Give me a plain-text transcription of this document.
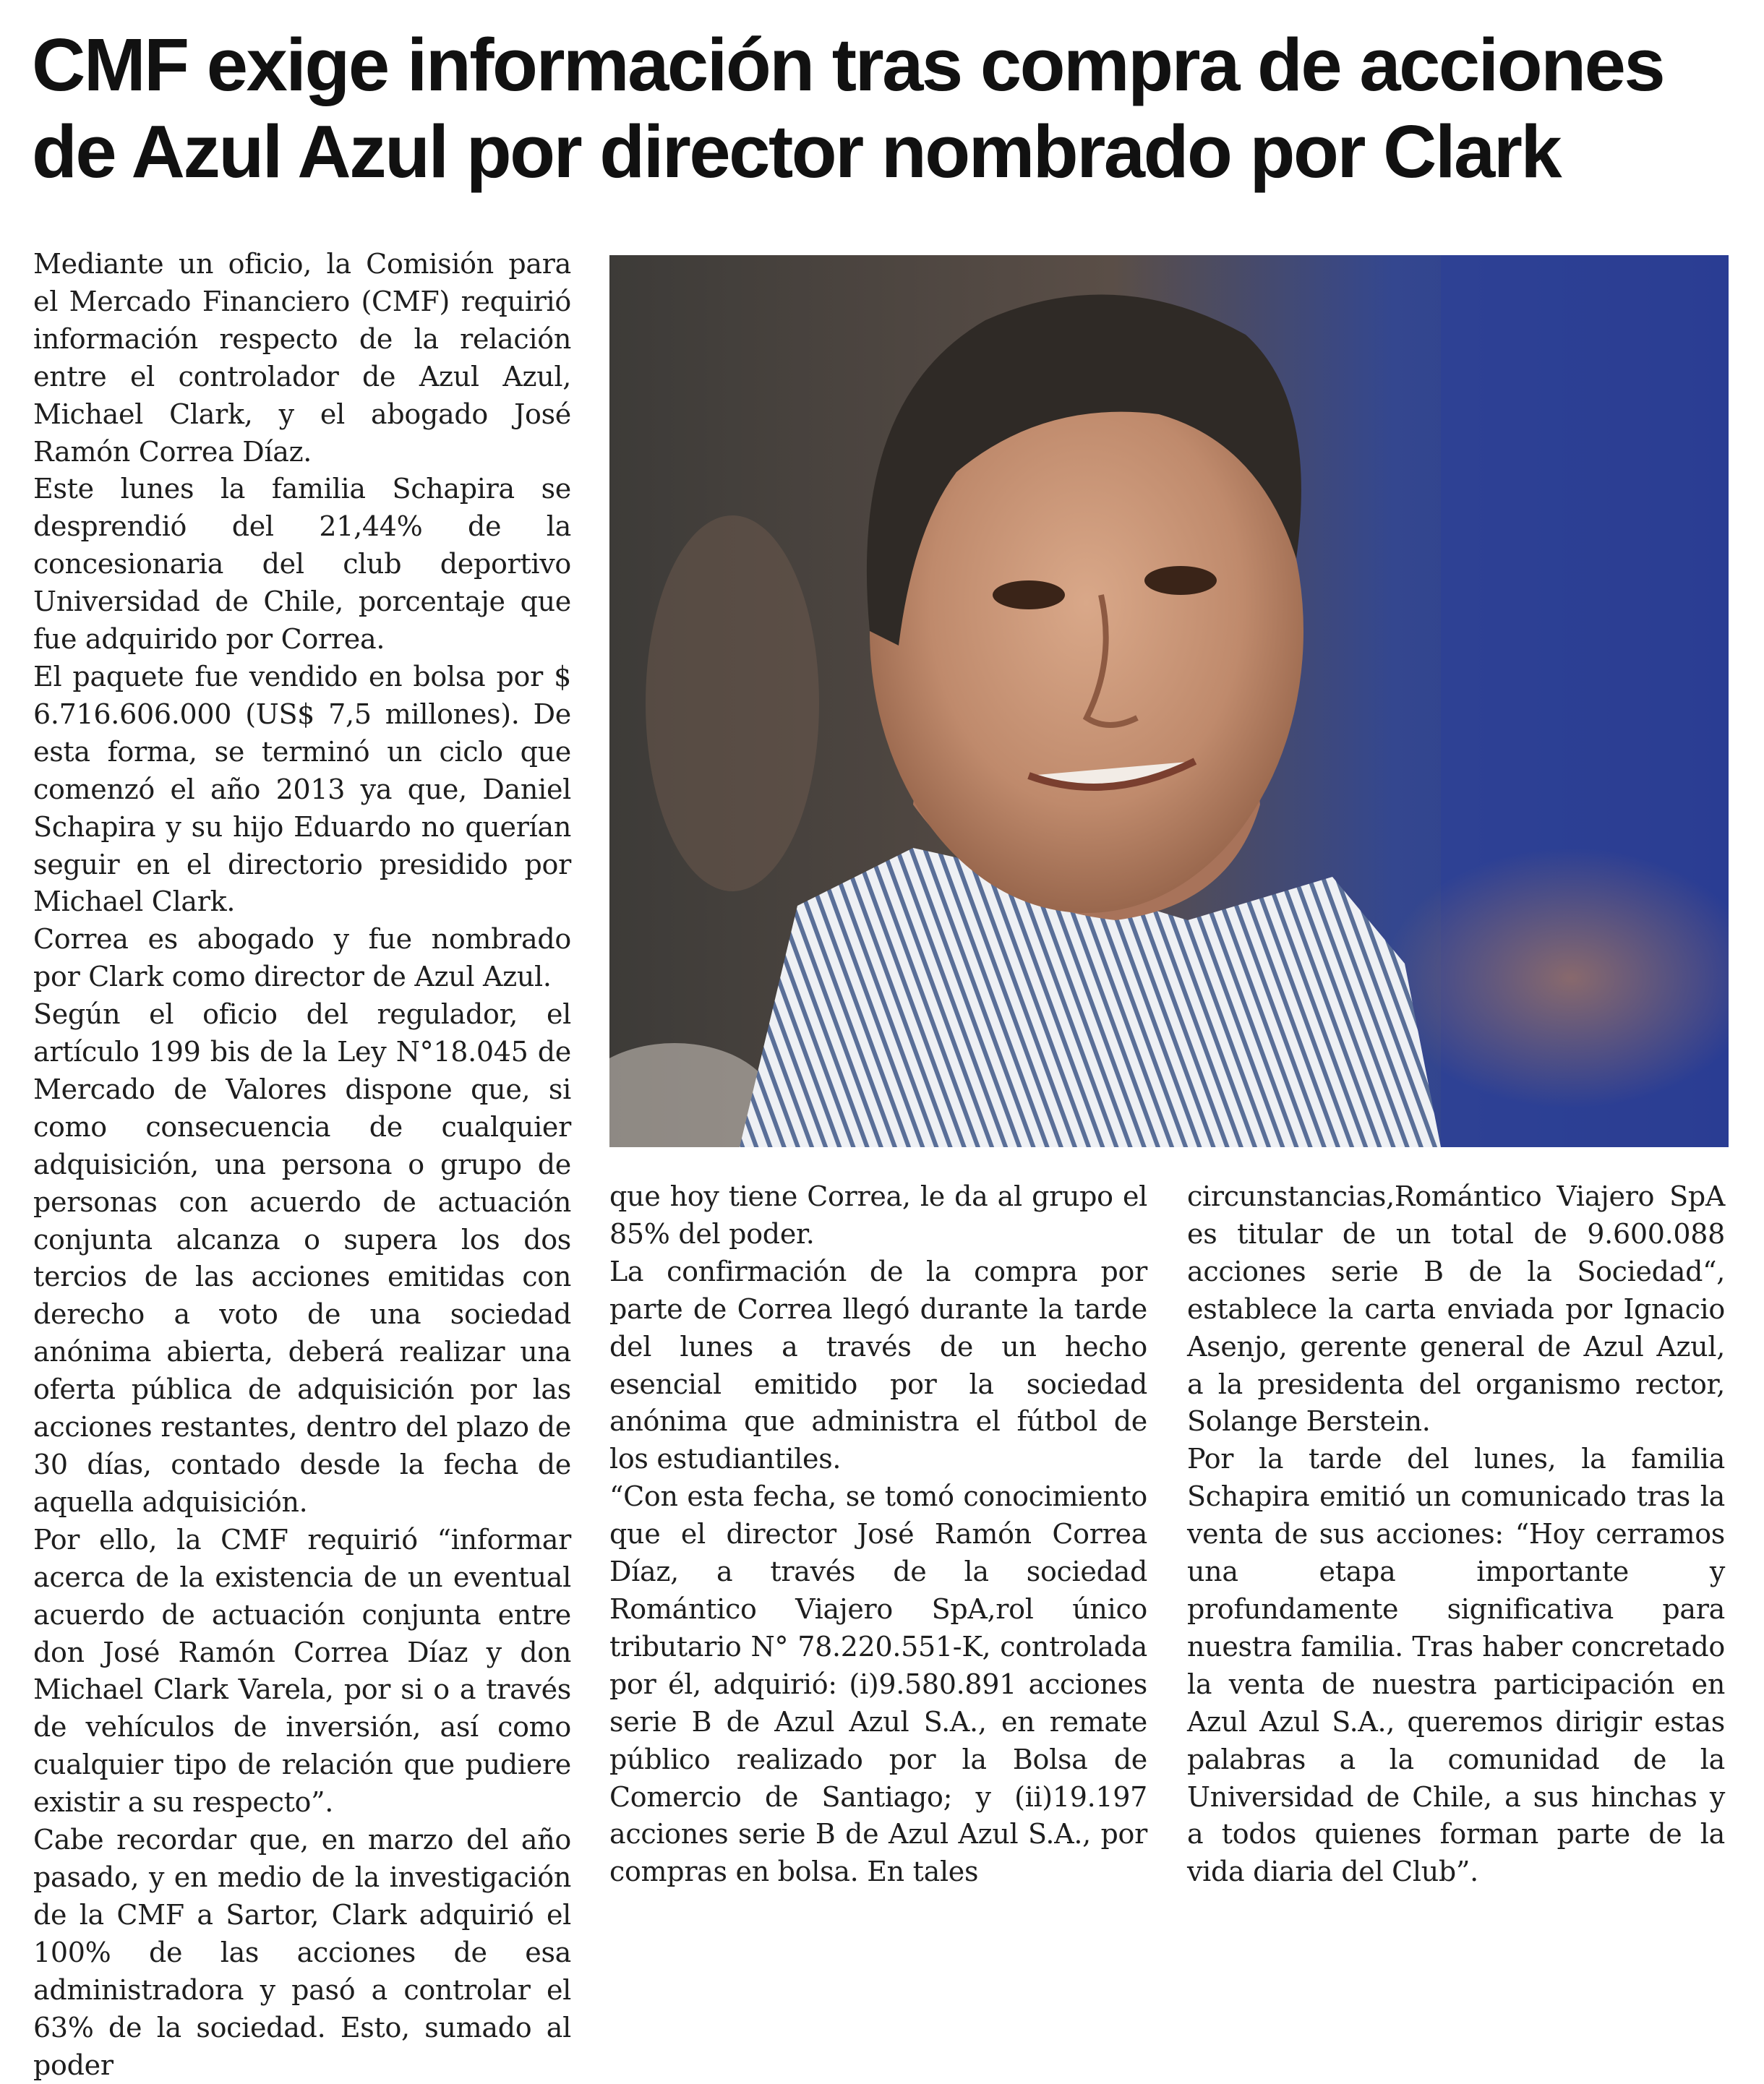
CMF exige información tras compra de acciones
de Azul Azul por director nombrado por Clark

Mediante un oficio, la Comisión para el Mercado Financiero (CMF) requirió información respecto de la relación entre el controlador de Azul Azul, Michael Clark, y el abogado José Ramón Correa Díaz.

Este lunes la familia Schapira se desprendió del 21,44% de la concesionaria del club deportivo Universidad de Chile, porcentaje que fue adquirido por Correa.

El paquete fue vendido en bolsa por $ 6.716.606.000 (US$ 7,5 millones). De esta forma, se terminó un ciclo que comenzó el año 2013 ya que, Daniel Schapira y su hijo Eduardo no querían seguir en el directorio presidido por Michael Clark.

Correa es abogado y fue nombrado por Clark como director de Azul Azul.

Según el oficio del regulador, el artículo 199 bis de la Ley N°18.045 de Mercado de Valores dispone que, si como consecuencia de cualquier adquisición, una persona o grupo de personas con acuerdo de actuación conjunta alcanza o supera los dos tercios de las acciones emitidas con derecho a voto de una sociedad anónima abierta, deberá realizar una oferta pública de adquisición por las acciones restantes, dentro del plazo de 30 días, contado desde la fecha de aquella adquisición.

Por ello, la CMF requirió “informar acerca de la existencia de un eventual acuerdo de actuación conjunta entre don José Ramón Correa Díaz y don Michael Clark Varela, por si o a través de vehículos de inversión, así como cualquier tipo de relación que pudiere existir a su respecto”.

Cabe recordar que, en marzo del año pasado, y en medio de la investigación de la CMF a Sartor, Clark adquirió el 100% de las acciones de esa administradora y pasó a controlar el 63% de la sociedad. Esto, sumado al poder

que hoy tiene Correa, le da al grupo el 85% del poder.

La confirmación de la compra por parte de Correa llegó durante la tarde del lunes a través de un hecho esencial emitido por la sociedad anónima que administra el fútbol de los estudiantiles.

“Con esta fecha, se tomó conocimiento que el director José Ramón Correa Díaz, a través de la sociedad Romántico Viajero SpA,rol único tributario N° 78.220.551-K, controlada por él, adquirió: (i)9.580.891 acciones serie B de Azul Azul S.A., en remate público realizado por la Bolsa de Comercio de Santiago; y (ii)19.197 acciones serie B de Azul Azul S.A., por compras en bolsa. En tales

circunstancias,Romántico Viajero SpA es titular de un total de 9.600.088 acciones serie B de la Sociedad“, establece la carta enviada por Ignacio Asenjo, gerente general de Azul Azul, a la presidenta del organismo rector, Solange Berstein.

Por la tarde del lunes, la familia Schapira emitió un comunicado tras la venta de sus acciones: “Hoy cerramos una etapa importante y profundamente significativa para nuestra familia. Tras haber concretado la venta de nuestra participación en Azul Azul S.A., queremos dirigir estas palabras a la comunidad de la Universidad de Chile, a sus hinchas y a todos quienes forman parte de la vida diaria del Club”.
